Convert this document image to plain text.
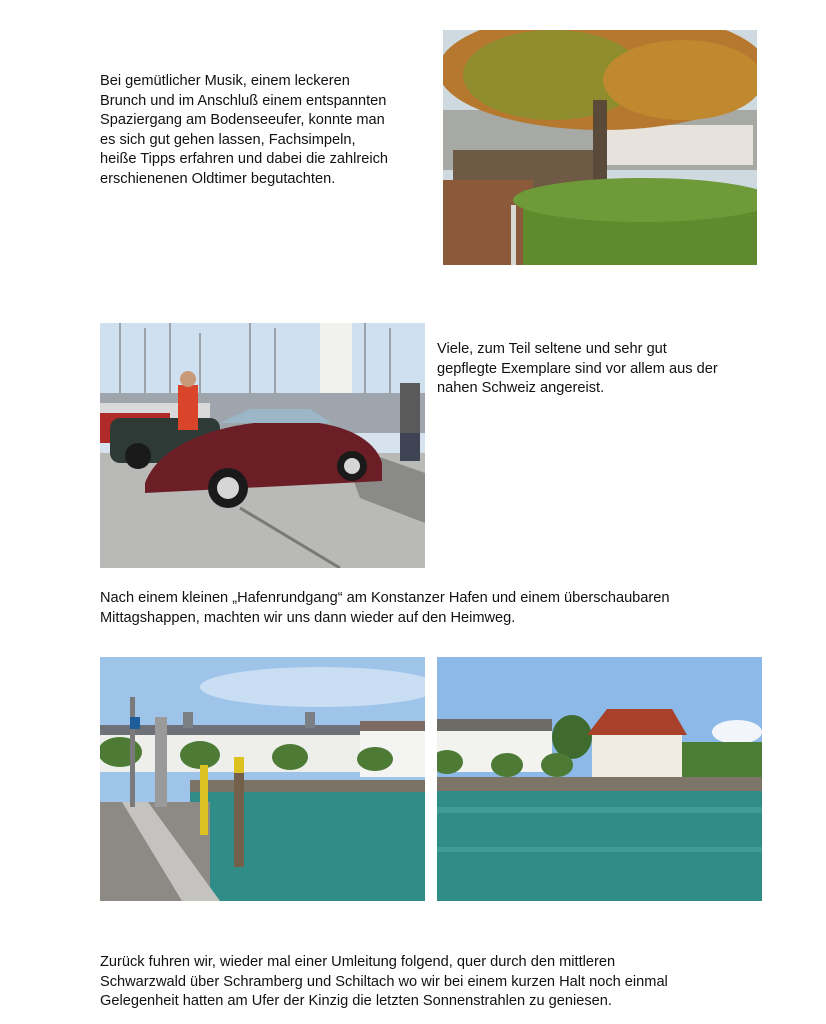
Bei gemütlicher Musik, einem leckeren
Brunch und im Anschluß einem entspannten
Spaziergang am Bodenseeufer, konnte man
es sich gut gehen lassen, Fachsimpeln,
heiße Tipps erfahren und dabei die zahlreich
erschienenen Oldtimer begutachten.

Viele, zum Teil seltene und sehr gut
gepflegte Exemplare sind vor allem aus der
nahen Schweiz angereist.

Nach einem kleinen „Hafenrundgang“ am Konstanzer Hafen und einem überschaubaren
Mittagshappen, machten wir uns dann wieder auf den Heimweg.

Zurück fuhren wir, wieder mal einer Umleitung folgend, quer durch den mittleren
Schwarzwald über Schramberg und Schiltach wo wir bei einem kurzen Halt noch einmal
Gelegenheit hatten am Ufer der Kinzig die letzten Sonnenstrahlen zu geniesen.
